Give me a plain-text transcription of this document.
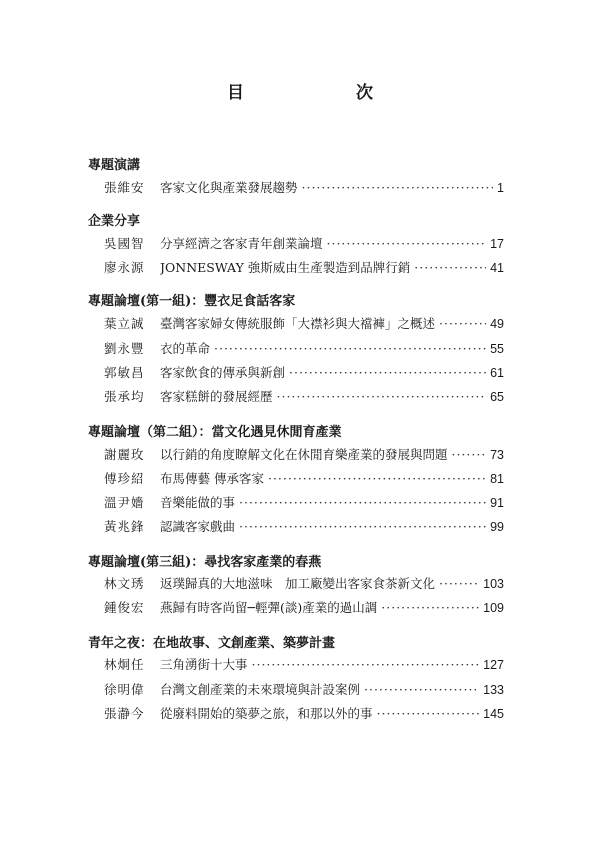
目　　次
專題演講
張維安	客家文化與產業發展趨勢 ·····	1
企業分享
吳國智	分享經濟之客家青年創業論壇 ·····	17
廖永源	JONNESWAY 強斯威由生產製造到品牌行銷 ·····	41
專題論壇(第一組)：豐衣足食話客家
葉立誠	臺灣客家婦女傳統服飾「大襟衫與大襠褲」之概述 ·····	49
劉永豐	衣的革命 ·····	55
郭敏昌	客家飲食的傳承與新創 ·····	61
張承均	客家糕餅的發展經歷 ·····	65
專題論壇（第二組）：當文化遇見休閒育產業
謝麗玫	以行銷的角度瞭解文化在休閒育樂產業的發展與問題 ·····	73
傅珍紹	布馬傳藝 傳承客家 ·····	81
溫尹嬙	音樂能做的事 ·····	91
黃兆鋒	認識客家戲曲 ·····	99
專題論壇(第三組)：尋找客家產業的春燕
林文琇	返璞歸真的大地滋味　加工廠變出客家食茶新文化 ·····	103
鍾俊宏	燕歸有時客尚留─輕彈(談)產業的過山調 ·····	109
青年之夜：在地故事、文創產業、築夢計畫
林炯任	三角湧街十大事 ·····	127
徐明偉	台灣文創產業的未來環境與計設案例 ·····	133
張瀞今	從廢料開始的築夢之旅，和那以外的事 ·····	145
